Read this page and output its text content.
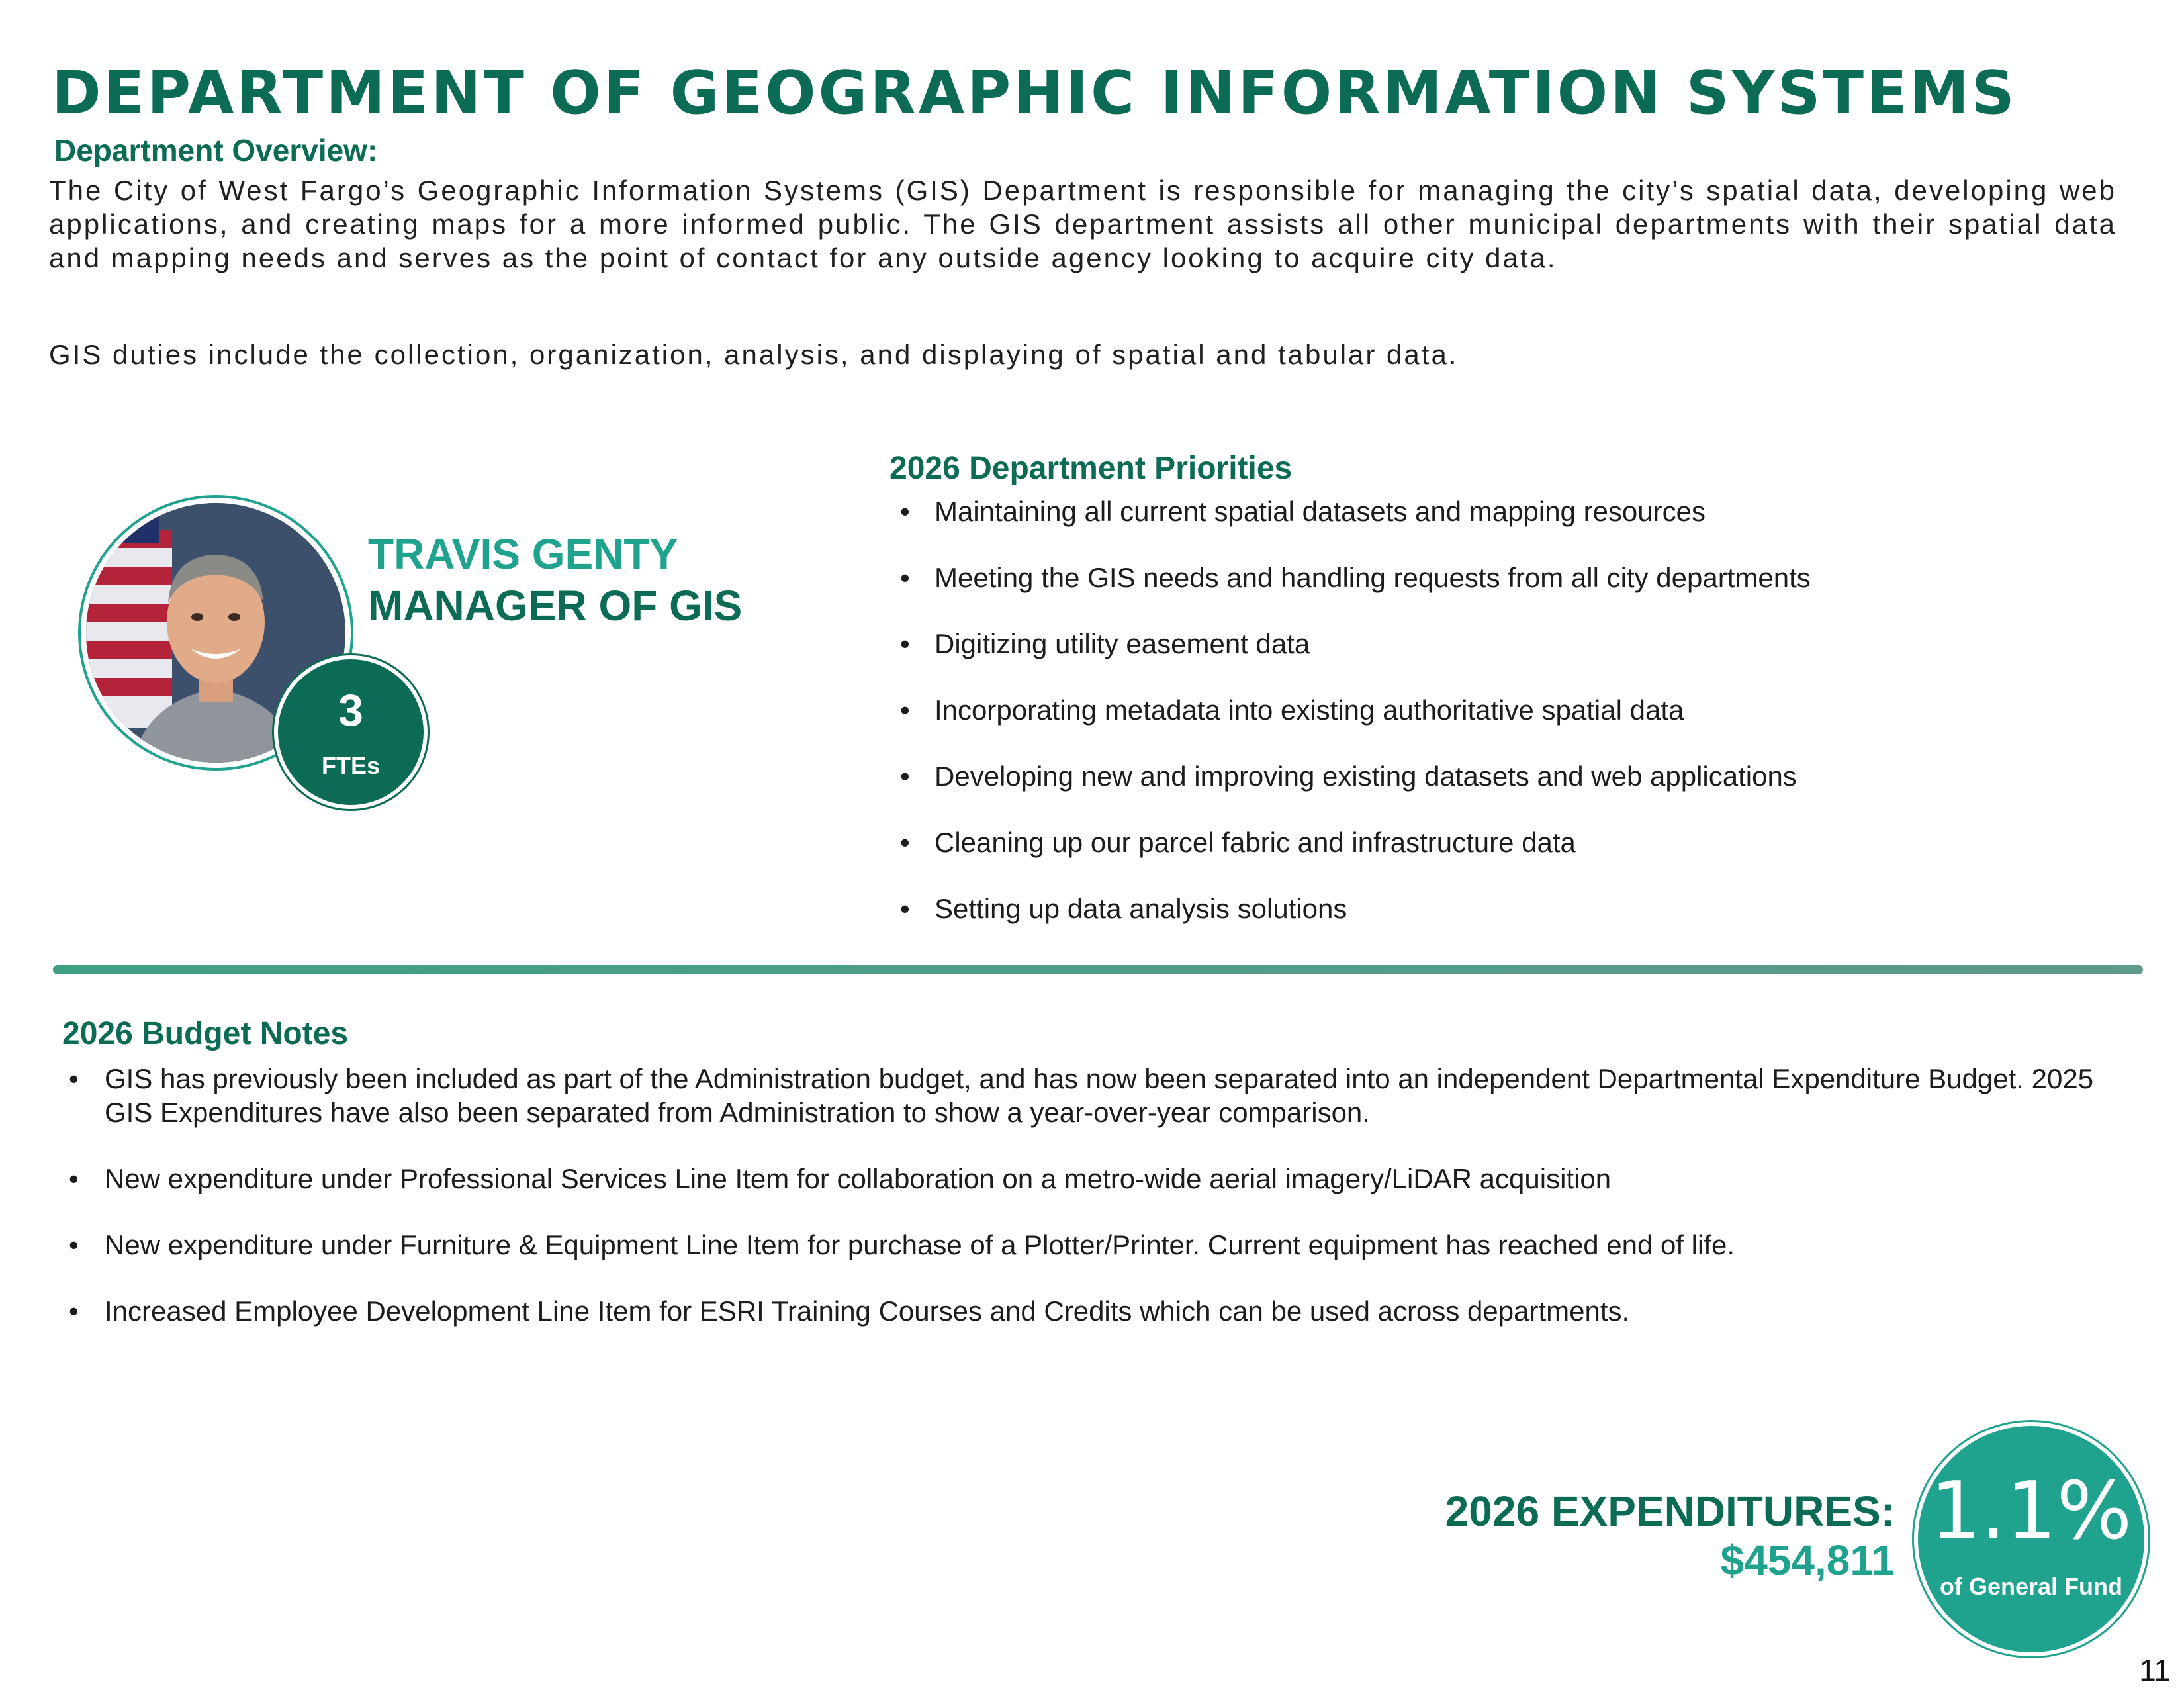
DEPARTMENT OF GEOGRAPHIC INFORMATION SYSTEMS
Department Overview:
The City of West Fargo’s Geographic Information Systems (GIS) Department is responsible for managing the city’s spatial data, developing web applications, and creating maps for a more informed public. The GIS department assists all other municipal departments with their spatial data and mapping needs and serves as the point of contact for any outside agency looking to acquire city data.
GIS duties include the collection, organization, analysis, and displaying of spatial and tabular data.
3
FTEs
TRAVIS GENTY
MANAGER OF GIS
2026 Department Priorities
• Maintaining all current spatial datasets and mapping resources
• Meeting the GIS needs and handling requests from all city departments
• Digitizing utility easement data
• Incorporating metadata into existing authoritative spatial data
• Developing new and improving existing datasets and web applications
• Cleaning up our parcel fabric and infrastructure data
• Setting up data analysis solutions
2026 Budget Notes
• GIS has previously been included as part of the Administration budget, and has now been separated into an independent Departmental Expenditure Budget. 2025 GIS Expenditures have also been separated from Administration to show a year-over-year comparison.
• New expenditure under Professional Services Line Item for collaboration on a metro-wide aerial imagery/LiDAR acquisition
• New expenditure under Furniture & Equipment Line Item for purchase of a Plotter/Printer. Current equipment has reached end of life.
• Increased Employee Development Line Item for ESRI Training Courses and Credits which can be used across departments.
2026 EXPENDITURES:
$454,811
1.1%
of General Fund
11
